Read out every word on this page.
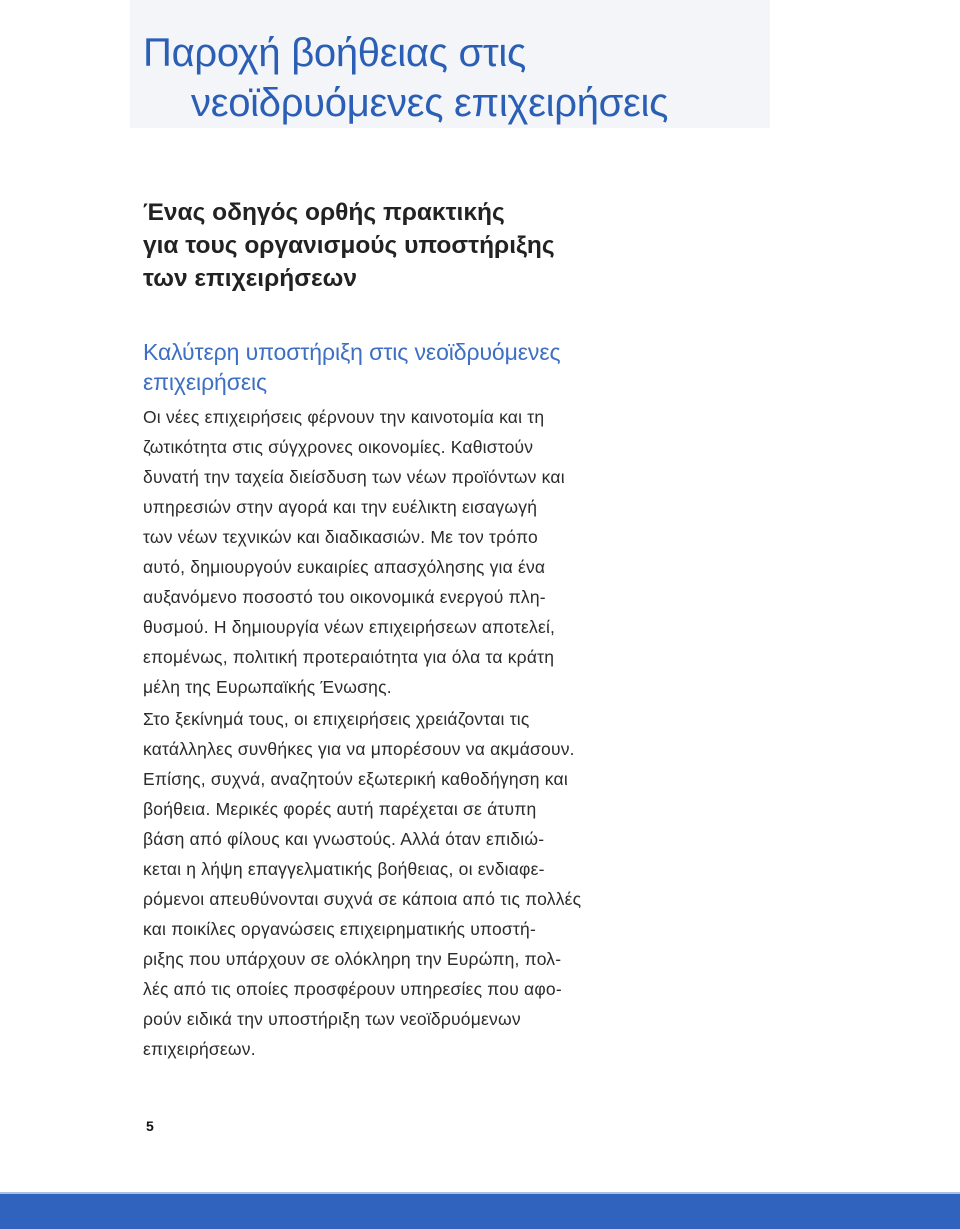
Παροχή βοήθειας στις
νεοϊδρυόμενες επιχειρήσεις
Ένας οδηγός ορθής πρακτικής
για τους οργανισμούς υποστήριξης
των επιχειρήσεων
Καλύτερη υποστήριξη στις νεοϊδρυόμενες
επιχειρήσεις

Οι νέες επιχειρήσεις φέρνουν την καινοτομία και τη
ζωτικότητα στις σύγχρονες οικονομίες. Καθιστούν
δυνατή την ταχεία διείσδυση των νέων προϊόντων και
υπηρεσιών στην αγορά και την ευέλικτη εισαγωγή
των νέων τεχνικών και διαδικασιών. Με τον τρόπο
αυτό, δημιουργούν ευκαιρίες απασχόλησης για ένα
αυξανόμενο ποσοστό του οικονομικά ενεργού πλη-
θυσμού. Η δημιουργία νέων επιχειρήσεων αποτελεί,
επομένως, πολιτική προτεραιότητα για όλα τα κράτη
μέλη της Ευρωπαϊκής Ένωσης.

Στο ξεκίνημά τους, οι επιχειρήσεις χρειάζονται τις
κατάλληλες συνθήκες για να μπορέσουν να ακμάσουν.
Επίσης, συχνά, αναζητούν εξωτερική καθοδήγηση και
βοήθεια. Μερικές φορές αυτή παρέχεται σε άτυπη
βάση από φίλους και γνωστούς. Αλλά όταν επιδιώ-
κεται η λήψη επαγγελματικής βοήθειας, οι ενδιαφε-
ρόμενοι απευθύνονται συχνά σε κάποια από τις πολλές
και ποικίλες οργανώσεις επιχειρηματικής υποστή-
ριξης που υπάρχουν σε ολόκληρη την Ευρώπη, πολ-
λές από τις οποίες προσφέρουν υπηρεσίες που αφο-
ρούν ειδικά την υποστήριξη των νεοϊδρυόμενων
επιχειρήσεων.

5
